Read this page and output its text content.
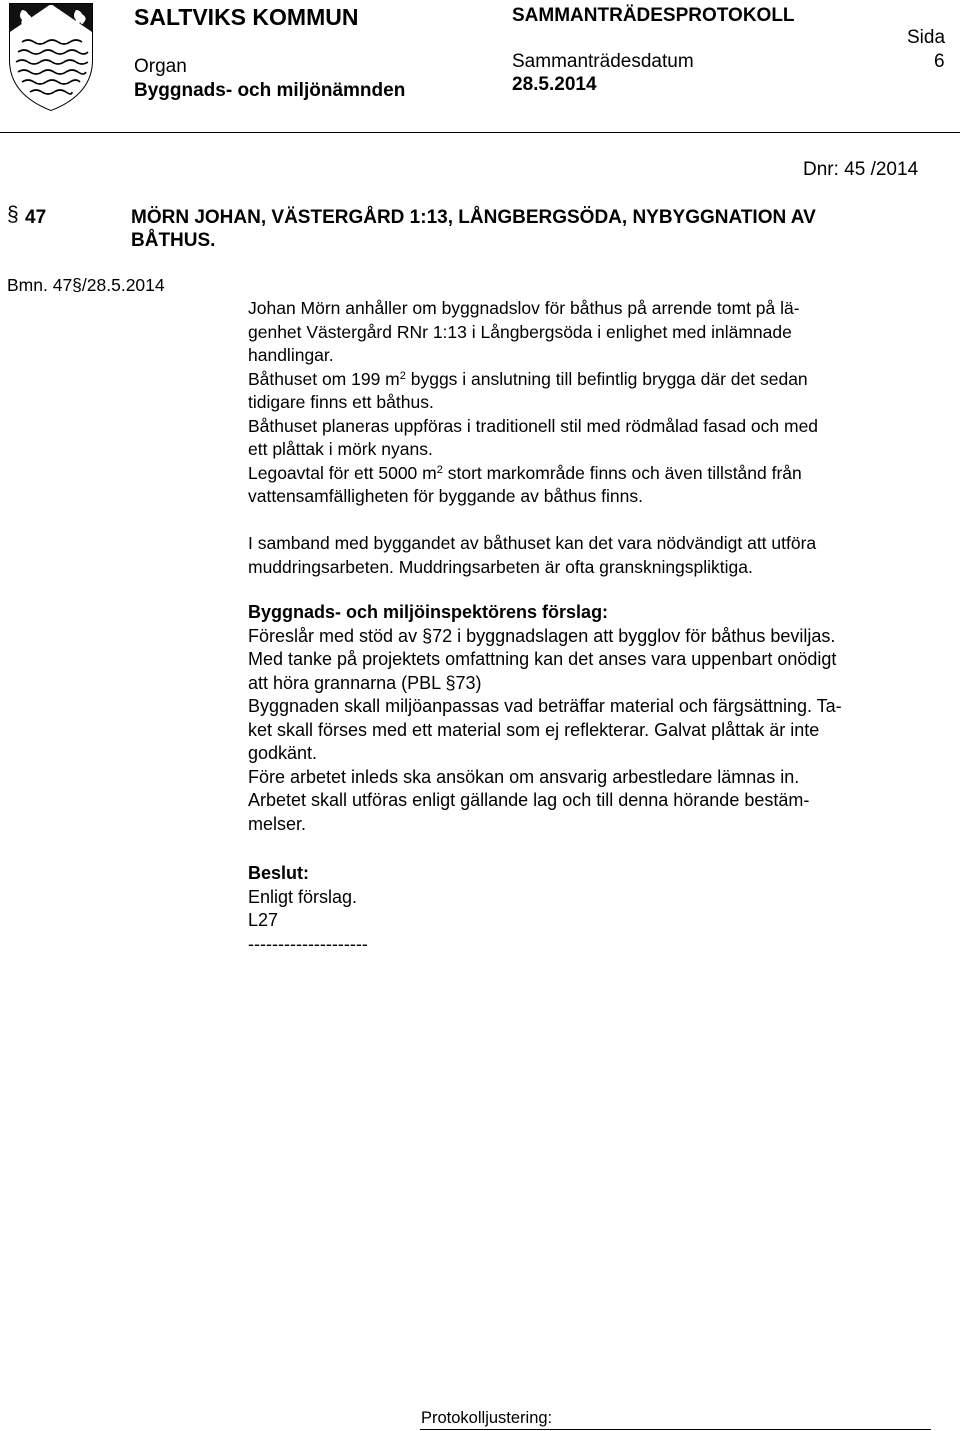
SALTVIKS KOMMUN
Organ
Byggnads- och miljönämnden
SAMMANTRÄDESPROTOKOLL
Sammanträdesdatum
28.5.2014
Sida
6
Dnr: 45 /2014
§ 47	MÖRN JOHAN, VÄSTERGÅRD 1:13, LÅNGBERGSÖDA, NYBYGGNATION AV
BÅTHUS.
Bmn. 47§/28.5.2014

Johan Mörn anhåller om byggnadslov för båthus på arrende tomt på lä-

genhet Västergård RNr 1:13 i Långbergsöda i enlighet med inlämnade

handlingar.

Båthuset om 199 $m^2$ byggs i anslutning till befintlig brygga där det sedan

tidigare finns ett båthus.

Båthuset planeras uppföras i traditionell stil med rödmålad fasad och med

ett plåttak i mörk nyans.

Legoavtal för ett 5000 $m^2$ stort markområde finns och även tillstånd från

vattensamfälligheten för byggande av båthus finns.

I samband med byggandet av båthuset kan det vara nödvändigt att utföra

muddringsarbeten. Muddringsarbeten är ofta granskningspliktiga.

Byggnads- och miljöinspektörens förslag:

Föreslår med stöd av §72 i byggnadslagen att bygglov för båthus beviljas.

Med tanke på projektets omfattning kan det anses vara uppenbart onödigt

att höra grannarna (PBL §73)

Byggnaden skall miljöanpassas vad beträffar material och färgsättning. Ta-

ket skall förses med ett material som ej reflekterar. Galvat plåttak är inte

godkänt.

Före arbetet inleds ska ansökan om ansvarig arbestledare lämnas in.

Arbetet skall utföras enligt gällande lag och till denna hörande bestäm-

melser.

Beslut:

Enligt förslag.

L27

--------------------

Protokolljustering:
